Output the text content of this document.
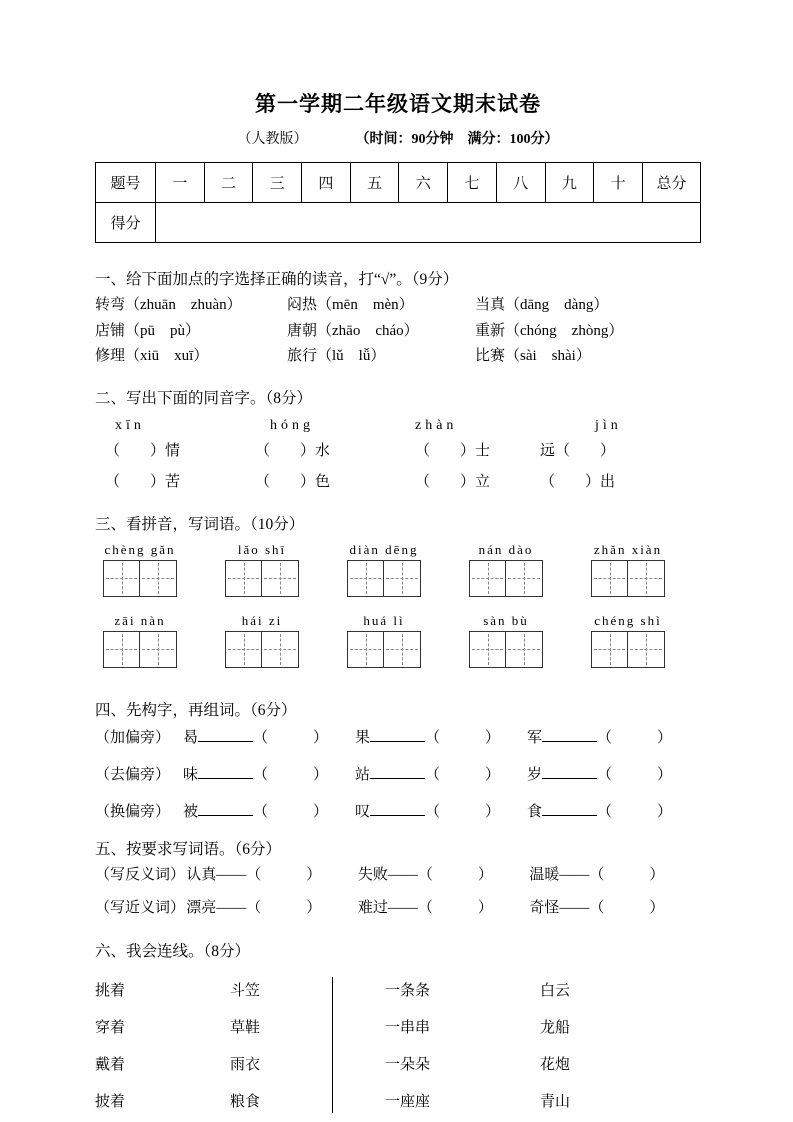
第一学期二年级语文期末试卷
（人教版）	（时间：90分钟　满分：100分）
题号	一	二	三	四	五	六	七	八	九	十	总分
得分											
一、给下面加点的字选择正确的读音，打“√”。（9分）
转弯（zhuān　zhuàn）	闷热（mēn　mèn）	当真（dāng　dàng）
店铺（pū　pù）	唐朝（zhāo　cháo）	重新（chóng　zhòng）
修理（xiū　xuī）	旅行（lǔ　lǚ）	比赛（sài　shài）
二、写出下面的同音字。（8分）
xīn	hóng	zhàn	jìn
（　　）情	（　　）水	（　　）士	远（　　）
（　　）苦	（　　）色	（　　）立	（　　）出
三、看拼音，写词语。（10分）
chèng gǎn	lǎo shī	diàn dēng	nán dào	zhǎn xiàn
zāi nàn	hái zi	huá lì	sàn bù	chéng shì
四、先构字，再组词。（6分）
（加偏旁） 曷	（　　　）	果	（　　　）	军	（　　　）
（去偏旁） 味	（　　　）	站	（　　　）	岁	（　　　）
（换偏旁） 被	（　　　）	叹	（　　　）	食	（　　　）
五、按要求写词语。（6分）
（写反义词） 认真——（　　　）	失败——（　　　）	温暖——（　　　）
（写近义词） 漂亮——（　　　）	难过——（　　　）	奇怪——（　　　）
六、我会连线。（8分）
挑着	斗笠
穿着	草鞋
戴着	雨衣
披着	粮食
一条条	白云
一串串	龙船
一朵朵	花炮
一座座	青山
